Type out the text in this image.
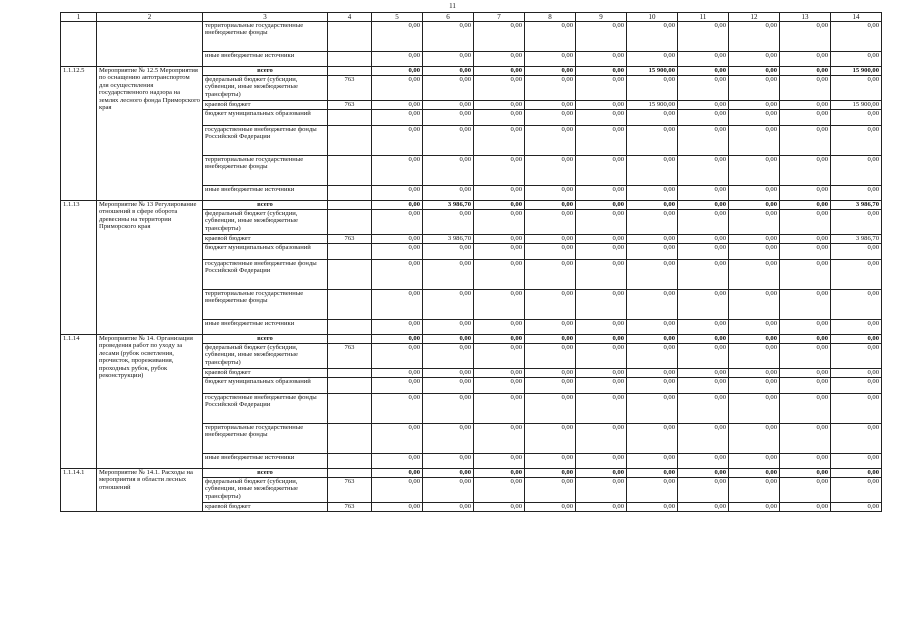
11
1	2	3	4	5	6	7	8	9	10	11	12	13	14
		территориальные государственные внебюджетные фонды		0,00	0,00	0,00	0,00	0,00	0,00	0,00	0,00	0,00	0,00
		иные внебюджетные источники		0,00	0,00	0,00	0,00	0,00	0,00	0,00	0,00	0,00	0,00
1.1.12.5	Мероприятие № 12.5 Мероприятия по оснащению автотранспортом для осуществления государственного надзора на землях лесного фонда Приморского края	всего		0,00	0,00	0,00	0,00	0,00	15 900,00	0,00	0,00	0,00	15 900,00
		федеральный бюджет (субсидии, субвенции, иные межбюджетные трансферты)	763	0,00	0,00	0,00	0,00	0,00	0,00	0,00	0,00	0,00	0,00
		краевой бюджет	763	0,00	0,00	0,00	0,00	0,00	15 900,00	0,00	0,00	0,00	15 900,00
		бюджет муниципальных образований		0,00	0,00	0,00	0,00	0,00	0,00	0,00	0,00	0,00	0,00
		государственные внебюджетные фонды Российской Федерации		0,00	0,00	0,00	0,00	0,00	0,00	0,00	0,00	0,00	0,00
		территориальные государственные внебюджетные фонды		0,00	0,00	0,00	0,00	0,00	0,00	0,00	0,00	0,00	0,00
		иные внебюджетные источники		0,00	0,00	0,00	0,00	0,00	0,00	0,00	0,00	0,00	0,00
1.1.13	Мероприятие № 13 Регулирование отношений в сфере оборота древесины на территории Приморского края	всего		0,00	3 986,70	0,00	0,00	0,00	0,00	0,00	0,00	0,00	3 986,70
		федеральный бюджет (субсидии, субвенции, иные межбюджетные трансферты)		0,00	0,00	0,00	0,00	0,00	0,00	0,00	0,00	0,00	0,00
		краевой бюджет	763	0,00	3 986,70	0,00	0,00	0,00	0,00	0,00	0,00	0,00	3 986,70
		бюджет муниципальных образований		0,00	0,00	0,00	0,00	0,00	0,00	0,00	0,00	0,00	0,00
		государственные внебюджетные фонды Российской Федерации		0,00	0,00	0,00	0,00	0,00	0,00	0,00	0,00	0,00	0,00
		территориальные государственные внебюджетные фонды		0,00	0,00	0,00	0,00	0,00	0,00	0,00	0,00	0,00	0,00
		иные внебюджетные источники		0,00	0,00	0,00	0,00	0,00	0,00	0,00	0,00	0,00	0,00
1.1.14	Мероприятие № 14. Организация проведения работ по уходу за лесами (рубок осветления, прочисток, прореживания, проходных рубок, рубок реконструкции)	всего		0,00	0,00	0,00	0,00	0,00	0,00	0,00	0,00	0,00	0,00
		федеральный бюджет (субсидии, субвенции, иные межбюджетные трансферты)	763	0,00	0,00	0,00	0,00	0,00	0,00	0,00	0,00	0,00	0,00
		краевой бюджет		0,00	0,00	0,00	0,00	0,00	0,00	0,00	0,00	0,00	0,00
		бюджет муниципальных образований		0,00	0,00	0,00	0,00	0,00	0,00	0,00	0,00	0,00	0,00
		государственные внебюджетные фонды Российской Федерации		0,00	0,00	0,00	0,00	0,00	0,00	0,00	0,00	0,00	0,00
		территориальные государственные внебюджетные фонды		0,00	0,00	0,00	0,00	0,00	0,00	0,00	0,00	0,00	0,00
		иные внебюджетные источники		0,00	0,00	0,00	0,00	0,00	0,00	0,00	0,00	0,00	0,00
1.1.14.1	Мероприятие № 14.1. Расходы на мероприятия в области лесных отношений	всего		0,00	0,00	0,00	0,00	0,00	0,00	0,00	0,00	0,00	0,00
		федеральный бюджет (субсидии, субвенции, иные межбюджетные трансферты)	763	0,00	0,00	0,00	0,00	0,00	0,00	0,00	0,00	0,00	0,00
		краевой бюджет	763	0,00	0,00	0,00	0,00	0,00	0,00	0,00	0,00	0,00	0,00
